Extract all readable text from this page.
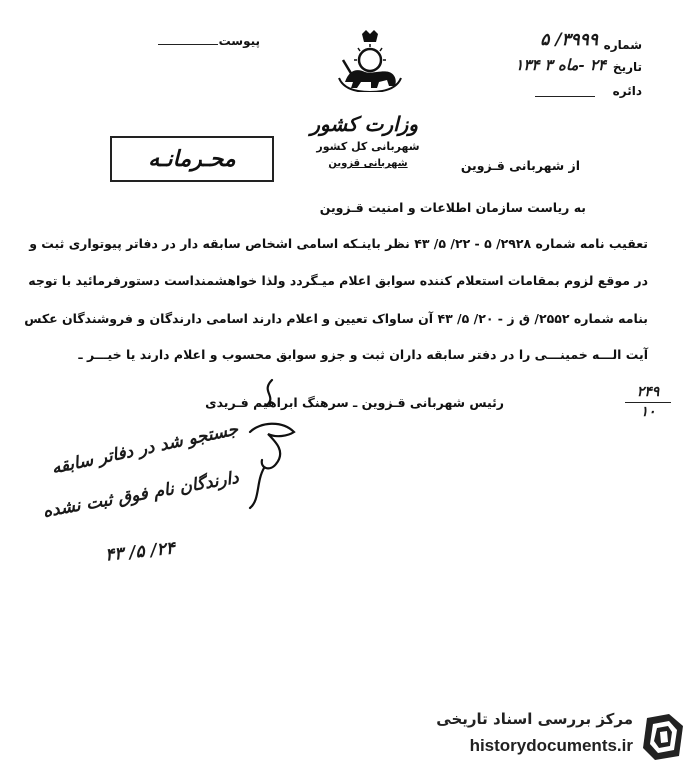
وزارت کشور
شهربانی کل کشور
شهربانی قزوین
پیوست	شماره
۳۹۹۹/ ۵
تاریخ
۲۴ -ماه ۳ ۱۳۴
دائره
محـرمانـه	از شهربانی قـزوین
به ریاست سازمان اطلاعات و امنیت قـزوین
تعقیب نامه شماره ۲۹۲۸/ ۵ - ۲۲/ ۵/ ۴۳ نظر باینـکه اسامی اشخاص سابقه دار در دفاتر پیوتواری ثبت و
در موقع لزوم بمقامات استعلام کننده سوابق اعلام میـگردد ولذا خواهشمنداست دستورفرمائید با توجه
بنامه شماره ۲۵۵۲/ ق ز - ۲۰/ ۵/ ۴۳ آن ساواک تعیین و اعلام دارند اسامی دارندگان و فروشندگان عکس
آیت الـــه خمینـــی را در دفتر سابقه داران ثبت و جزو سوابق محسوب و اعلام دارند یا خیـــر ـ
رئیس شهربانی قـزوین ـ سرهنگ ابراهیم فـریدی
۲۴۹
۱۰
جستجو شد در دفاتر سابقه
دارندگان نام فوق ثبت نشده
۲۴/ ۵/ ۴۳
مرکز بررسی اسناد تاریخی
historydocuments.ir
